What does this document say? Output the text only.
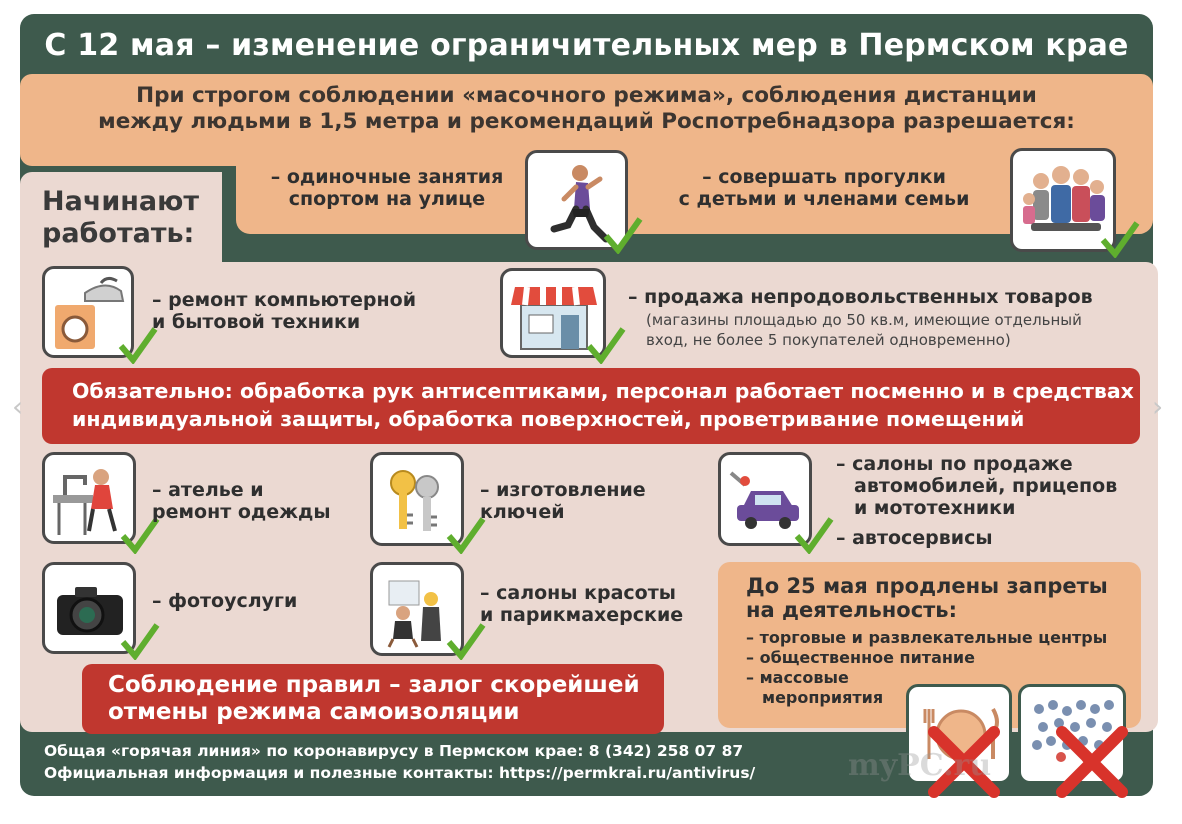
С 12 мая – изменение ограничительных мер в Пермском крае
При строгом соблюдении «масочного режима», соблюдения дистанции
между людьми в 1,5 метра и рекомендаций Роспотребнадзора разрешается:
– одиночные занятия
спортом на улице
– совершать прогулки
с детьми и членами семьи
Начинают
работать:
– ремонт компьютерной
и бытовой техники
– продажа непродовольственных товаров
(магазины площадью до 50 кв.м, имеющие отдельный
вход, не более 5 покупателей одновременно)
Обязательно: обработка рук антисептиками, персонал работает посменно и в средствах
индивидуальной защиты, обработка поверхностей, проветривание помещений
– ателье и
ремонт одежды
– изготовление
ключей
– салоны по продаже
автомобилей, прицепов
и мототехники
– автосервисы
– фотоуслуги	– салоны красоты
и парикмахерские
До 25 мая продлены запреты
на деятельность:
– торговые и развлекательные центры
– общественное питание
– массовые
мероприятия
Соблюдение правил – залог скорейшей
отмены режима самоизоляции
Общая «горячая линия» по коронавирусу в Пермском крае: 8 (342) 258 07 87
Официальная информация и полезные контакты: https://permkrai.ru/antivirus/	myPC.ru
‹	›
